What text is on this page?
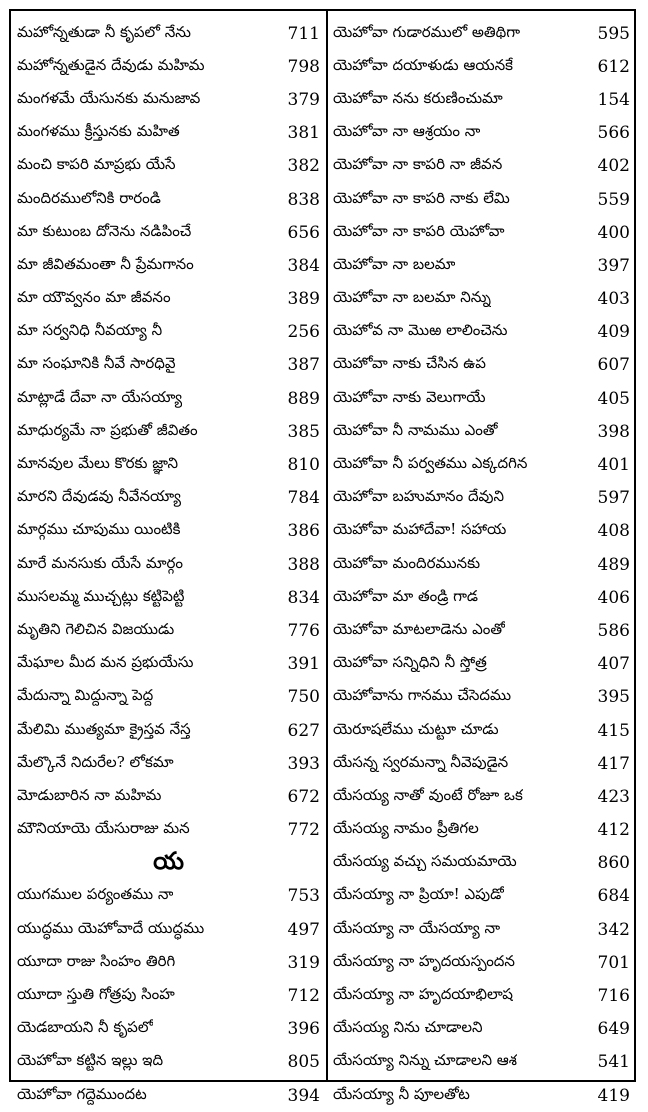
మహోన్నతుడా నీ కృపలో నేను	711
మహోన్నతుడైన దేవుడు మహిమ	798
మంగళమే యేసునకు మనుజావ	379
మంగళము క్రీస్తునకు మహిత	381
మంచి కాపరి మాప్రభు యేసే	382
మందిరములోనికి రారండి	838
మా కుటుంబ దోనెను నడిపించే	656
మా జీవితమంతా నీ ప్రేమగానం	384
మా యౌవ్వనం మా జీవనం	389
మా సర్వనిధి నీవయ్యా నీ	256
మా సంఘానికి నీవే సారధివై	387
మాట్లాడే దేవా నా యేసయ్యా	889
మాధుర్యమే నా ప్రభుతో జీవితం	385
మానవుల మేలు కొరకు జ్ఞాని	810
మారని దేవుడవు నీవేనయ్యా	784
మార్గము చూపుము యింటికి	386
మారే మనసుకు యేసే మార్గం	388
ముసలమ్మ ముచ్చట్లు కట్టిపెట్టి	834
మృతిని గెలిచిన విజయుడు	776
మేఘాల మీద మన ప్రభుయేసు	391
మేదున్నా మిద్దున్నా పెద్ద	750
మేలిమి ముత్యమా క్రైస్తవ నేస్త	627
మేల్కొనే నిదురేల? లోకమా	393
మోడుబారిన నా మహిమ	672
మౌనియాయె యేసురాజు మన	772
య
యుగముల పర్యంతము నా	753
యుద్ధము యెహోవాదే యుద్ధము	497
యూదా రాజు సింహం తిరిగి	319
యూదా స్తుతి గోత్రపు సింహ	712
యెడబాయని నీ కృపలో	396
యెహోవా కట్టిన ఇల్లు ఇది	805
యెహోవా గద్దెముందట	394
యెహోవా గుడారములో అతిథిగా	595
యెహోవా దయాళుడు ఆయనకే	612
యెహోవా నను కరుణించుమా	154
యెహోవా నా ఆశ్రయం నా	566
యెహోవా నా కాపరి నా జీవన	402
యెహోవా నా కాపరి నాకు లేమి	559
యెహోవా నా కాపరి యెహోవా	400
యెహోవా నా బలమా	397
యెహోవా నా బలమా నిన్ను	403
యెహోవ నా మొఱ లాలించెను	409
యెహోవా నాకు చేసిన ఉప	607
యెహోవా నాకు వెలుగాయే	405
యెహోవా నీ నామము ఎంతో	398
యెహోవా నీ పర్వతము ఎక్కదగిన	401
యెహోవా బహుమానం దేవుని	597
యెహోవా మహాదేవా! సహాయ	408
యెహోవా మందిరమునకు	489
యెహోవా మా తండ్రి గాడ	406
యెహోవా మాటలాడెను ఎంతో	586
యెహోవా సన్నిధిని నీ స్తోత్ర	407
యెహోవాను గానము చేసెదము	395
యెరూషలేము చుట్టూ చూడు	415
యేసన్న స్వరమన్నా నీవెపుడైన	417
యేసయ్య నాతో వుంటే రోజూ ఒక	423
యేసయ్య నామం ప్రీతిగల	412
యేసయ్య వచ్చు సమయమాయె	860
యేసయ్యా నా ప్రియా! ఎపుడో	684
యేసయ్యా నా యేసయ్యా నా	342
యేసయ్యా నా హృదయస్పందన	701
యేసయ్యా నా హృదయాభిలాష	716
యేసయ్య నిను చూడాలని	649
యేసయ్యా నిన్ను చూడాలని ఆశ	541
యేసయ్యా నీ పూలతోట	419
